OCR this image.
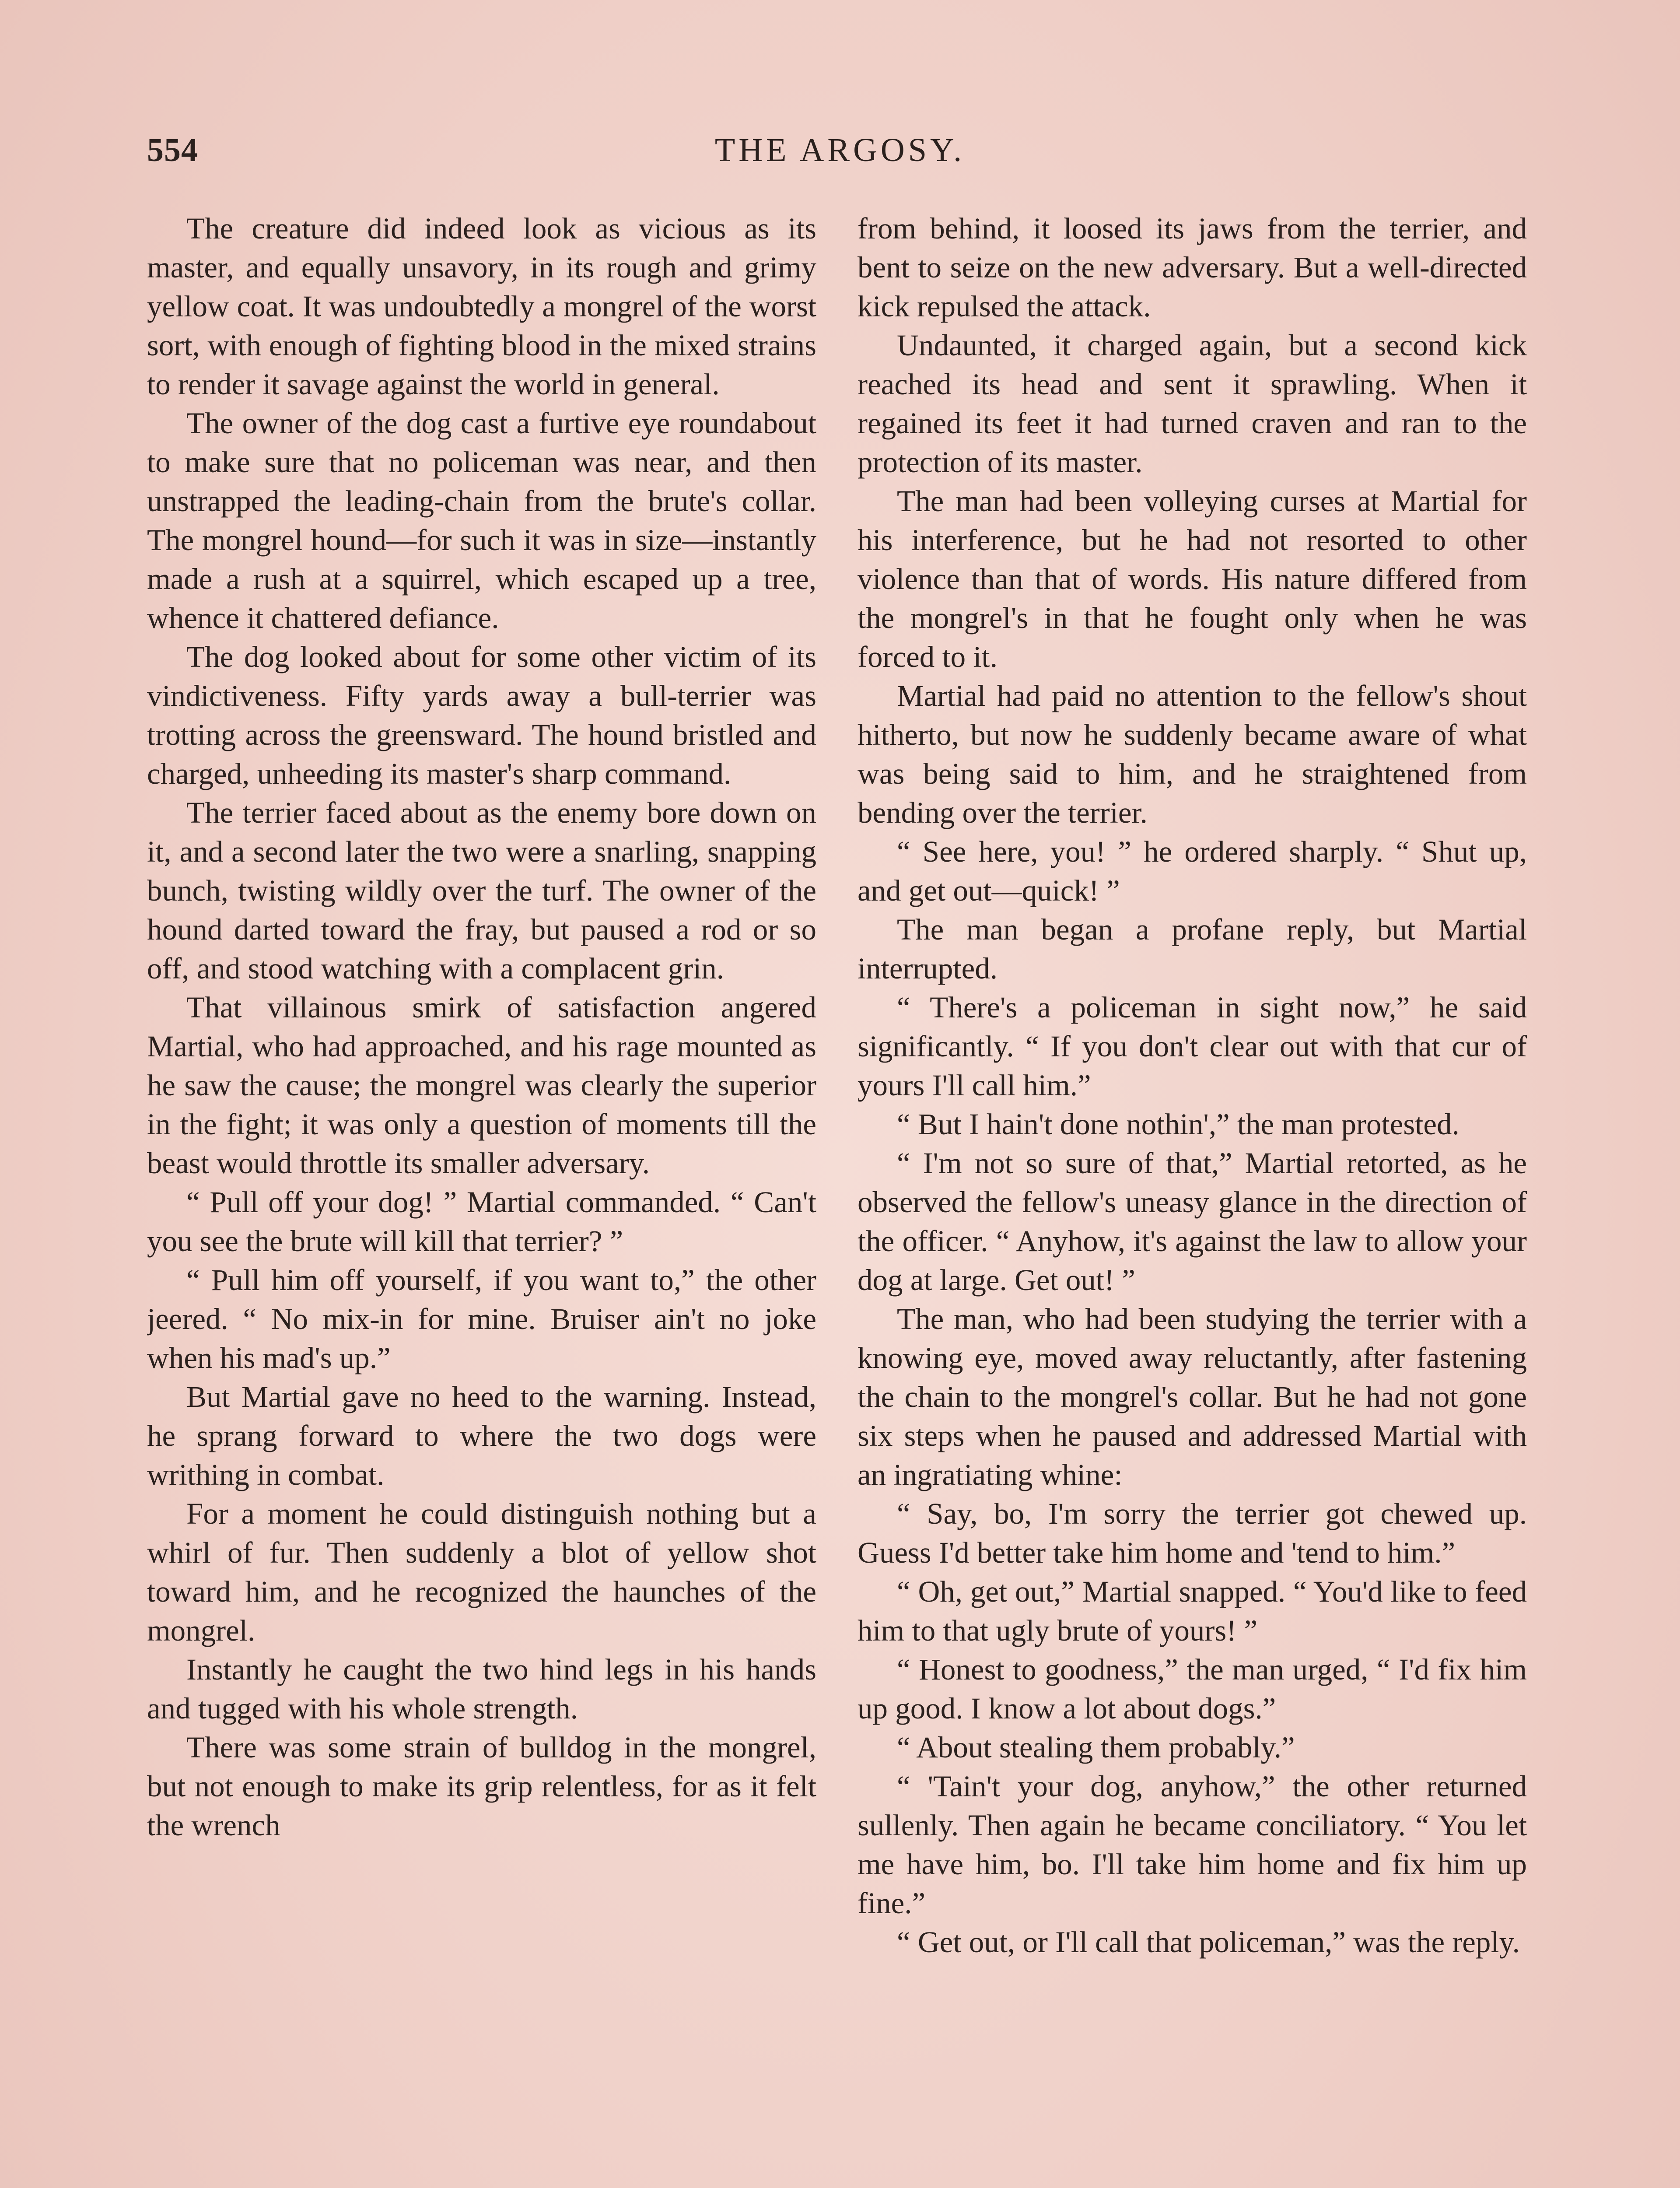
554	THE ARGOSY.

The creature did indeed look as vicious as its master, and equally unsavory, in its rough and grimy yellow coat. It was undoubtedly a mongrel of the worst sort, with enough of fighting blood in the mixed strains to render it savage against the world in general.

The owner of the dog cast a furtive eye roundabout to make sure that no policeman was near, and then unstrapped the leading-chain from the brute's collar. The mongrel hound—for such it was in size—instantly made a rush at a squirrel, which escaped up a tree, whence it chattered defiance.

The dog looked about for some other victim of its vindictiveness. Fifty yards away a bull-terrier was trotting across the greensward. The hound bristled and charged, unheeding its master's sharp command.

The terrier faced about as the enemy bore down on it, and a second later the two were a snarling, snapping bunch, twisting wildly over the turf. The owner of the hound darted toward the fray, but paused a rod or so off, and stood watching with a complacent grin.

That villainous smirk of satisfaction angered Martial, who had approached, and his rage mounted as he saw the cause; the mongrel was clearly the superior in the fight; it was only a question of moments till the beast would throttle its smaller adversary.

“ Pull off your dog! ” Martial commanded. “ Can't you see the brute will kill that terrier? ”

“ Pull him off yourself, if you want to,” the other jeered. “ No mix-in for mine. Bruiser ain't no joke when his mad's up.”

But Martial gave no heed to the warning. Instead, he sprang forward to where the two dogs were writhing in combat.

For a moment he could distinguish nothing but a whirl of fur. Then suddenly a blot of yellow shot toward him, and he recognized the haunches of the mongrel.

Instantly he caught the two hind legs in his hands and tugged with his whole strength.

There was some strain of bulldog in the mongrel, but not enough to make its grip relentless, for as it felt the wrench

from behind, it loosed its jaws from the terrier, and bent to seize on the new adversary. But a well-directed kick repulsed the attack.

Undaunted, it charged again, but a second kick reached its head and sent it sprawling. When it regained its feet it had turned craven and ran to the protection of its master.

The man had been volleying curses at Martial for his interference, but he had not resorted to other violence than that of words. His nature differed from the mongrel's in that he fought only when he was forced to it.

Martial had paid no attention to the fellow's shout hitherto, but now he suddenly became aware of what was being said to him, and he straightened from bending over the terrier.

“ See here, you! ” he ordered sharply. “ Shut up, and get out—quick! ”

The man began a profane reply, but Martial interrupted.

“ There's a policeman in sight now,” he said significantly. “ If you don't clear out with that cur of yours I'll call him.”

“ But I hain't done nothin',” the man protested.

“ I'm not so sure of that,” Martial retorted, as he observed the fellow's uneasy glance in the direction of the officer. “ Anyhow, it's against the law to allow your dog at large. Get out! ”

The man, who had been studying the terrier with a knowing eye, moved away reluctantly, after fastening the chain to the mongrel's collar. But he had not gone six steps when he paused and addressed Martial with an ingratiating whine:

“ Say, bo, I'm sorry the terrier got chewed up. Guess I'd better take him home and 'tend to him.”

“ Oh, get out,” Martial snapped. “ You'd like to feed him to that ugly brute of yours! ”

“ Honest to goodness,” the man urged, “ I'd fix him up good. I know a lot about dogs.”

“ About stealing them probably.”

“ 'Tain't your dog, anyhow,” the other returned sullenly. Then again he became conciliatory. “ You let me have him, bo. I'll take him home and fix him up fine.”

“ Get out, or I'll call that policeman,” was the reply.
